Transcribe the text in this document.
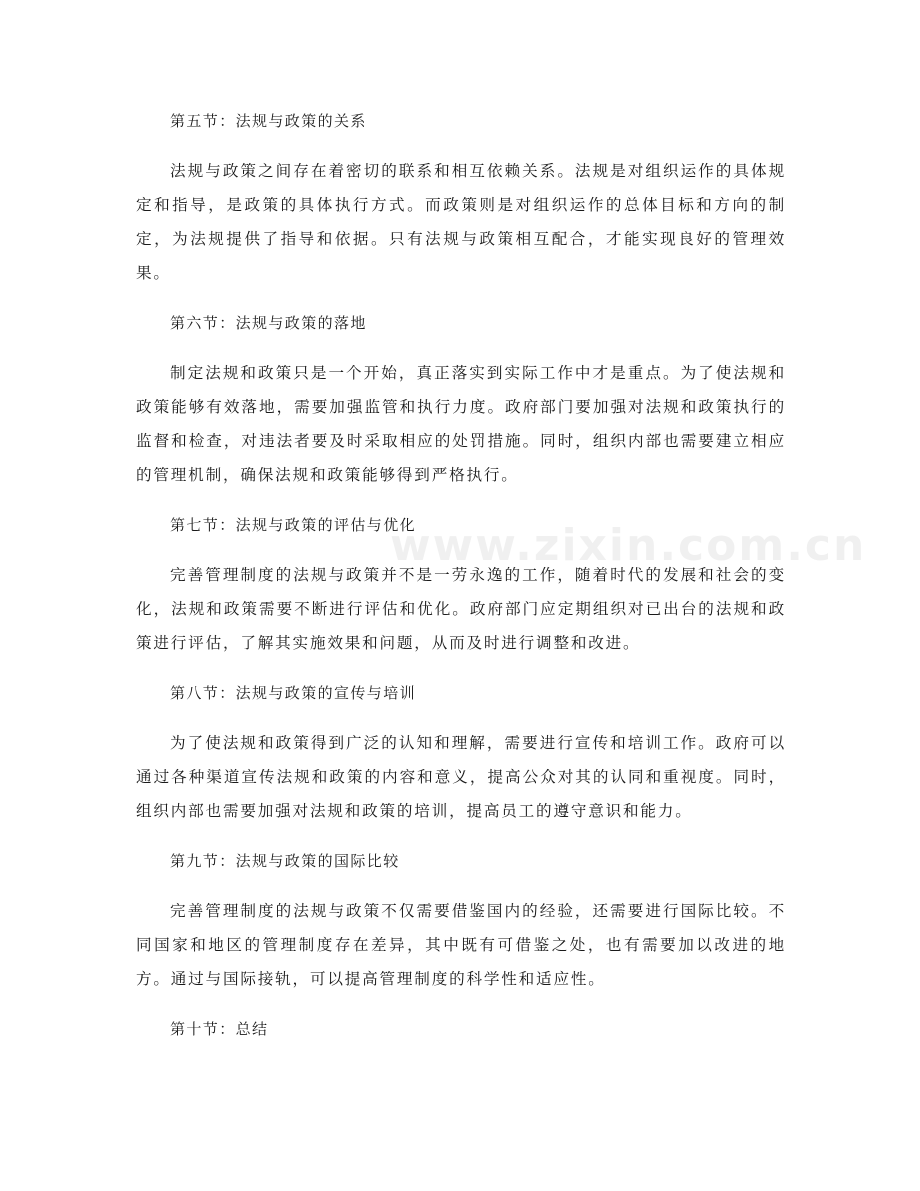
第五节：法规与政策的关系
法规与政策之间存在着密切的联系和相互依赖关系。法规是对组织运作的具体规定和指导，是政策的具体执行方式。而政策则是对组织运作的总体目标和方向的制定，为法规提供了指导和依据。只有法规与政策相互配合，才能实现良好的管理效果。
第六节：法规与政策的落地
制定法规和政策只是一个开始，真正落实到实际工作中才是重点。为了使法规和政策能够有效落地，需要加强监管和执行力度。政府部门要加强对法规和政策执行的监督和检查，对违法者要及时采取相应的处罚措施。同时，组织内部也需要建立相应的管理机制，确保法规和政策能够得到严格执行。
第七节：法规与政策的评估与优化
完善管理制度的法规与政策并不是一劳永逸的工作，随着时代的发展和社会的变化，法规和政策需要不断进行评估和优化。政府部门应定期组织对已出台的法规和政策进行评估，了解其实施效果和问题，从而及时进行调整和改进。
第八节：法规与政策的宣传与培训
为了使法规和政策得到广泛的认知和理解，需要进行宣传和培训工作。政府可以通过各种渠道宣传法规和政策的内容和意义，提高公众对其的认同和重视度。同时，组织内部也需要加强对法规和政策的培训，提高员工的遵守意识和能力。
第九节：法规与政策的国际比较
完善管理制度的法规与政策不仅需要借鉴国内的经验，还需要进行国际比较。不同国家和地区的管理制度存在差异，其中既有可借鉴之处，也有需要加以改进的地方。通过与国际接轨，可以提高管理制度的科学性和适应性。
第十节：总结
www.zixin.com.cn
